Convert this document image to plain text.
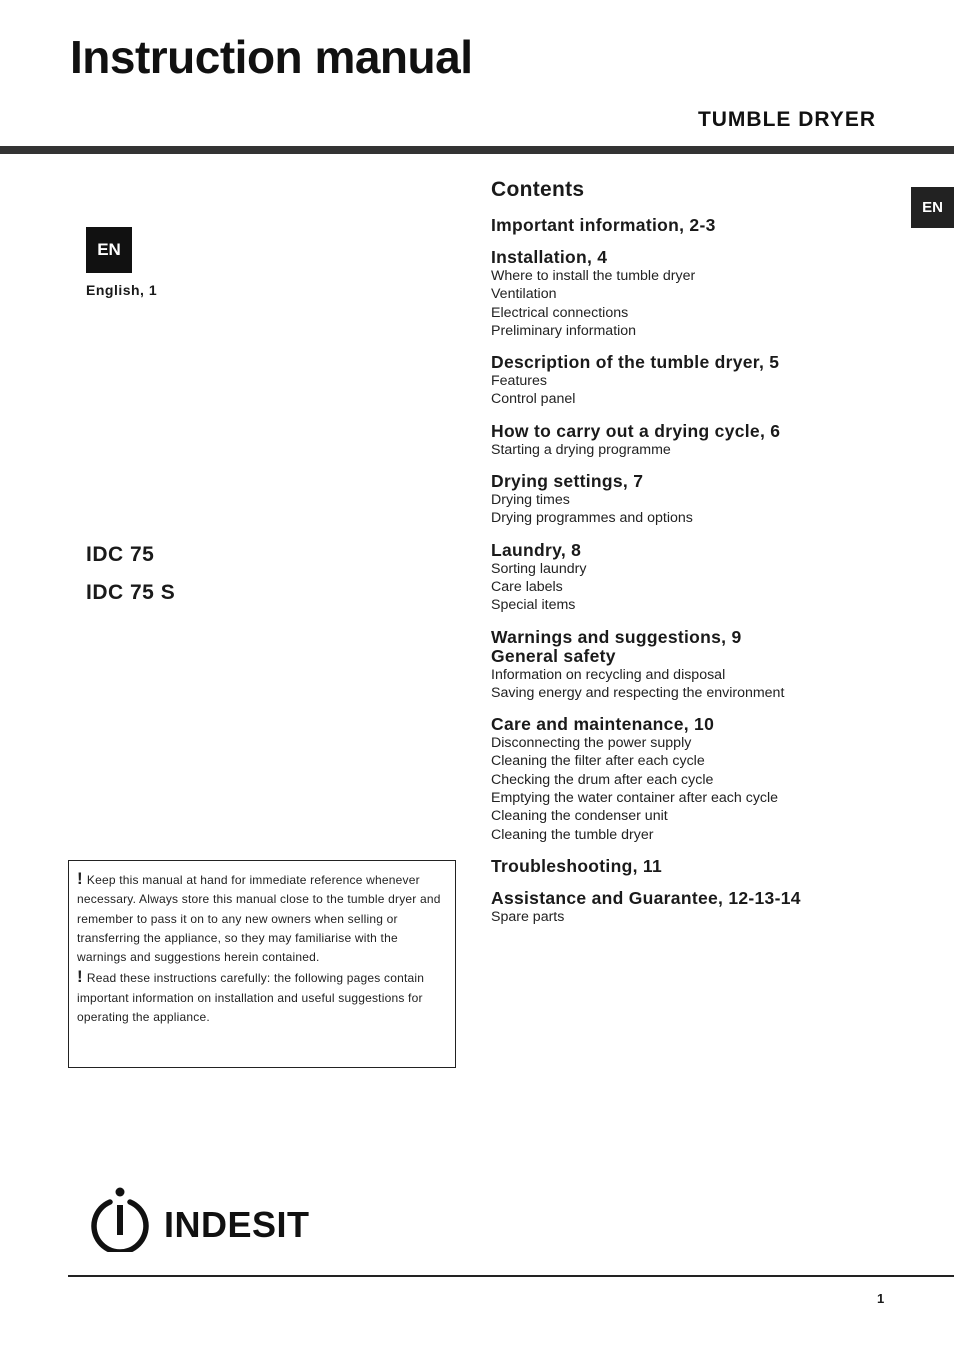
Instruction manual
TUMBLE DRYER
EN
English, 1
IDC 75
IDC 75 S
EN
Contents
Important information, 2-3
Installation, 4
Where to install the tumble dryer
Ventilation
Electrical connections
Preliminary information
Description of the tumble dryer, 5
Features
Control panel
How to carry out a drying cycle, 6
Starting a drying programme
Drying settings, 7
Drying times
Drying programmes and options
Laundry, 8
Sorting laundry
Care labels
Special items
Warnings and suggestions, 9
General safety
Information on recycling and disposal
Saving energy and respecting the environment
Care and maintenance, 10
Disconnecting the power supply
Cleaning the filter after each cycle
Checking the drum after each cycle
Emptying the water container after each cycle
Cleaning the condenser unit
Cleaning the tumble dryer
Troubleshooting, 11
Assistance and Guarantee, 12-13-14
Spare parts

! Keep this manual at hand for immediate reference whenever necessary. Always store this manual close to the tumble dryer and remember to pass it on to any new owners when selling or transferring the appliance, so they may familiarise with the warnings and suggestions herein contained.

! Read these instructions carefully: the following pages contain important information on installation and useful suggestions for operating the appliance.

INDESIT
1
